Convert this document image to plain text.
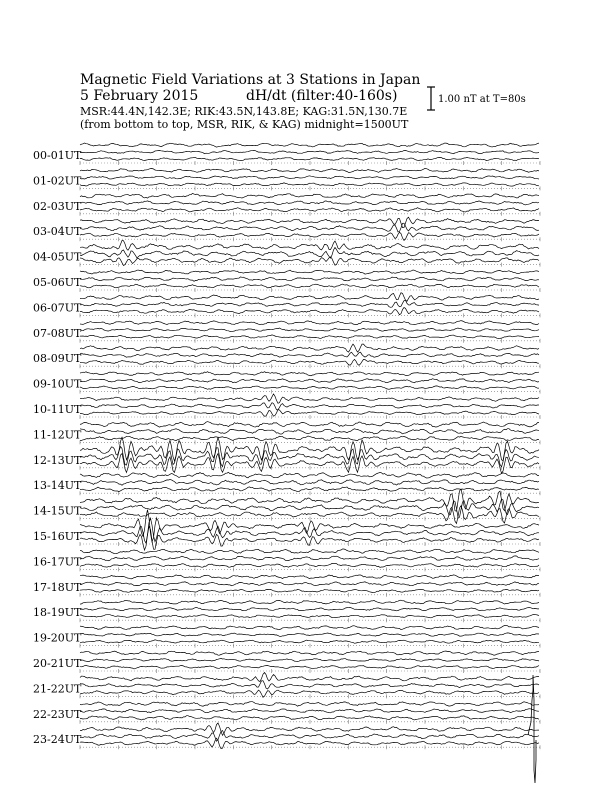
Magnetic Field Variations at 3 Stations in Japan
5 February 2015	dH/dt (filter:40-160s)
MSR:44.4N,142.3E; RIK:43.5N,143.8E; KAG:31.5N,130.7E
(from bottom to top, MSR, RIK, & KAG) midnight=1500UT
1.00 nT at T=80s
00-01UT
01-02UT
02-03UT
03-04UT
04-05UT
05-06UT
06-07UT
07-08UT
08-09UT
09-10UT
10-11UT
11-12UT
12-13UT
13-14UT
14-15UT
15-16UT
16-17UT
17-18UT
18-19UT
19-20UT
20-21UT
21-22UT
22-23UT
23-24UT
